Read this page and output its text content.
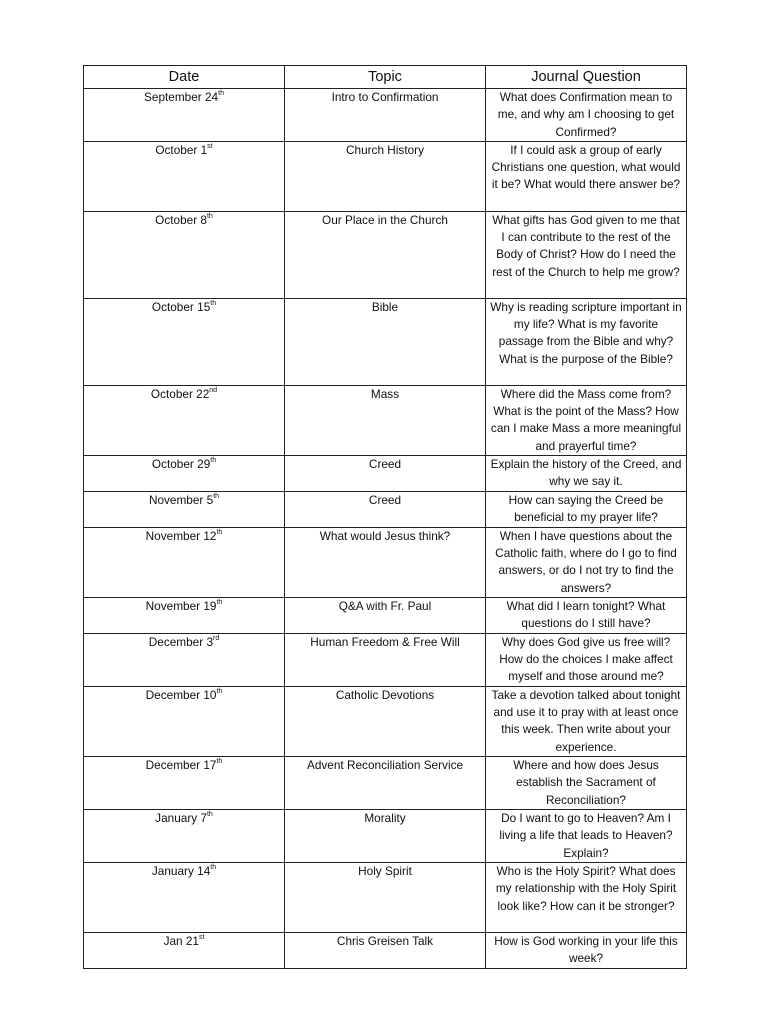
Date	Topic	Journal Question
September 24th	Intro to Confirmation	What does Confirmation mean to me, and why am I choosing to get Confirmed?
October 1st	Church History	If I could ask a group of early Christians one question, what would it be? What would there answer be?
October 8th	Our Place in the Church	What gifts has God given to me that I can contribute to the rest of the Body of Christ? How do I need the rest of the Church to help me grow?
October 15th	Bible	Why is reading scripture important in my life? What is my favorite passage from the Bible and why? What is the purpose of the Bible?
October 22nd	Mass	Where did the Mass come from? What is the point of the Mass? How can I make Mass a more meaningful and prayerful time?
October 29th	Creed	Explain the history of the Creed, and why we say it.
November 5th	Creed	How can saying the Creed be beneficial to my prayer life?
November 12th	What would Jesus think?	When I have questions about the Catholic faith, where do I go to find answers, or do I not try to find the answers?
November 19th	Q&A with Fr. Paul	What did I learn tonight? What questions do I still have?
December 3rd	Human Freedom & Free Will	Why does God give us free will? How do the choices I make affect myself and those around me?
December 10th	Catholic Devotions	Take a devotion talked about tonight and use it to pray with at least once this week. Then write about your experience.
December 17th	Advent Reconciliation Service	Where and how does Jesus establish the Sacrament of Reconciliation?
January 7th	Morality	Do I want to go to Heaven? Am I living a life that leads to Heaven? Explain?
January 14th	Holy Spirit	Who is the Holy Spirit? What does my relationship with the Holy Spirit look like? How can it be stronger?
Jan 21st	Chris Greisen Talk	How is God working in your life this week?
